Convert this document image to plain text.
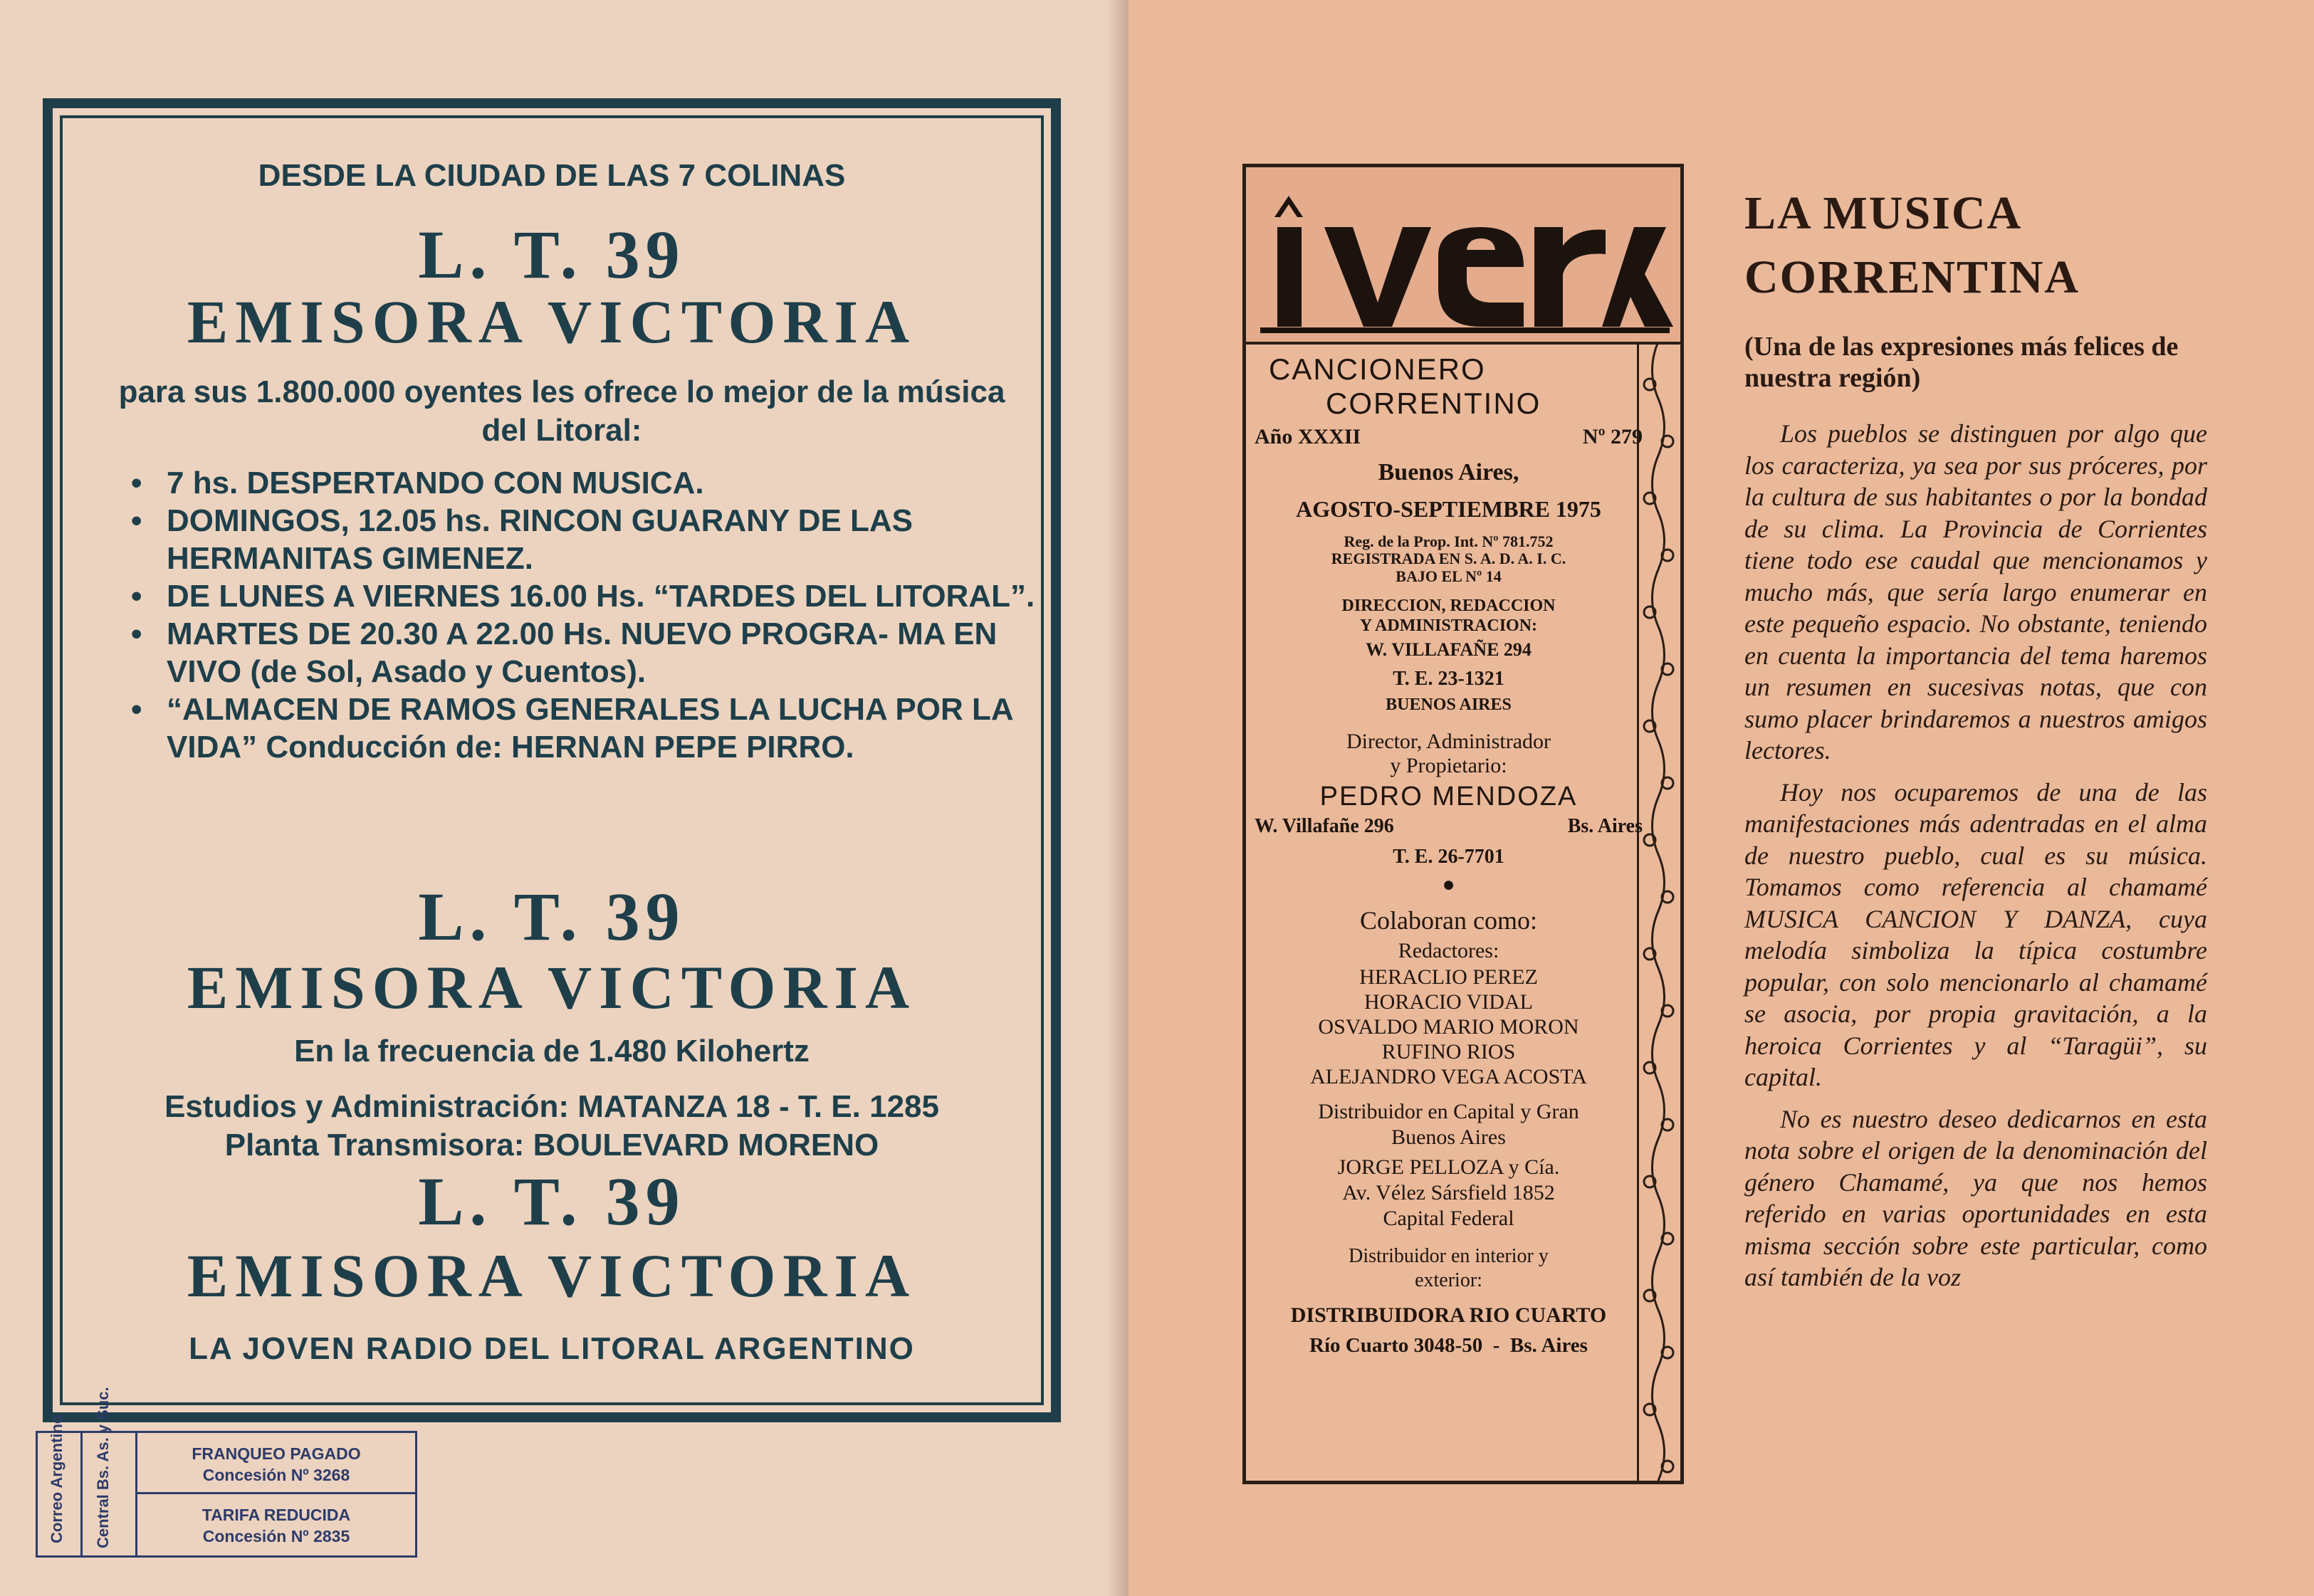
DESDE LA CIUDAD DE LAS 7 COLINAS
L. T. 39
EMISORA VICTORIA
para sus 1.800.000 oyentes les ofrece lo mejor de la música del Litoral:
• 7 hs. DESPERTANDO CON MUSICA.
• DOMINGOS, 12.05 hs. RINCON GUARANY DE LAS HERMANITAS GIMENEZ.
• DE LUNES A VIERNES 16.00 Hs. “TARDES DEL LITORAL”.
• MARTES DE 20.30 A 22.00 Hs. NUEVO PROGRA- MA EN VIVO (de Sol, Asado y Cuentos).
• “ALMACEN DE RAMOS GENERALES LA LUCHA POR LA VIDA” Conducción de: HERNAN PEPE PIRRO.
L. T. 39
EMISORA VICTORIA
En la frecuencia de 1.480 Kilohertz
Estudios y Administración: MATANZA 18 - T. E. 1285
Planta Transmisora: BOULEVARD MORENO
L. T. 39
EMISORA VICTORIA
LA JOVEN RADIO DEL LITORAL ARGENTINO
Correo Argentino Central Bs. As. y Suc.	FRANQUEO PAGADO
Concesión Nº 3268
TARIFA REDUCIDA
Concesión Nº 2835
CANCIONERO
CORRENTINO
Año XXXII	Nº 279
Buenos Aires,
AGOSTO-SEPTIEMBRE 1975
Reg. de la Prop. Int. Nº 781.752
REGISTRADA EN S. A. D. A. I. C.
BAJO EL Nº 14
DIRECCION, REDACCION
Y ADMINISTRACION:
W. VILLAFAÑE 294
T. E. 23-1321
BUENOS AIRES
Director, Administrador
y Propietario:
PEDRO MENDOZA
W. Villafañe 296	Bs. Aires
T. E. 26-7701
●
Colaboran como:
Redactores:
HERACLIO PEREZ
HORACIO VIDAL
OSVALDO MARIO MORON
RUFINO RIOS
ALEJANDRO VEGA ACOSTA
Distribuidor en Capital y Gran
Buenos Aires
JORGE PELLOZA y Cía.
Av. Vélez Sársfield 1852
Capital Federal
Distribuidor en interior y
exterior:
DISTRIBUIDORA RIO CUARTO
Río Cuarto 3048-50  -  Bs. Aires
LA MUSICA
CORRENTINA
(Una de las expresiones más felices de nuestra región)

Los pueblos se distinguen por algo que los caracteriza, ya sea por sus próceres, por la cultura de sus habitantes o por la bondad de su clima. La Provincia de Corrientes tiene todo ese caudal que mencionamos y mucho más, que sería largo enumerar en este pequeño espacio. No obstante, teniendo en cuenta la importancia del tema haremos un resumen en sucesivas notas, que con sumo placer brindaremos a nuestros amigos lectores.

Hoy nos ocuparemos de una de las manifestaciones más adentradas en el alma de nuestro pueblo, cual es su música. Tomamos como referencia al chamamé MUSICA CANCION Y DANZA, cuya melodía simboliza la típica costumbre popular, con solo mencionarlo al chamamé se asocia, por propia gravitación, a la heroica Corrientes y al “Taragüi”, su capital.

No es nuestro deseo dedicarnos en esta nota sobre el origen de la denominación del género Chamamé, ya que nos hemos referido en varias oportunidades en esta misma sección sobre este particular, como así también de la voz
